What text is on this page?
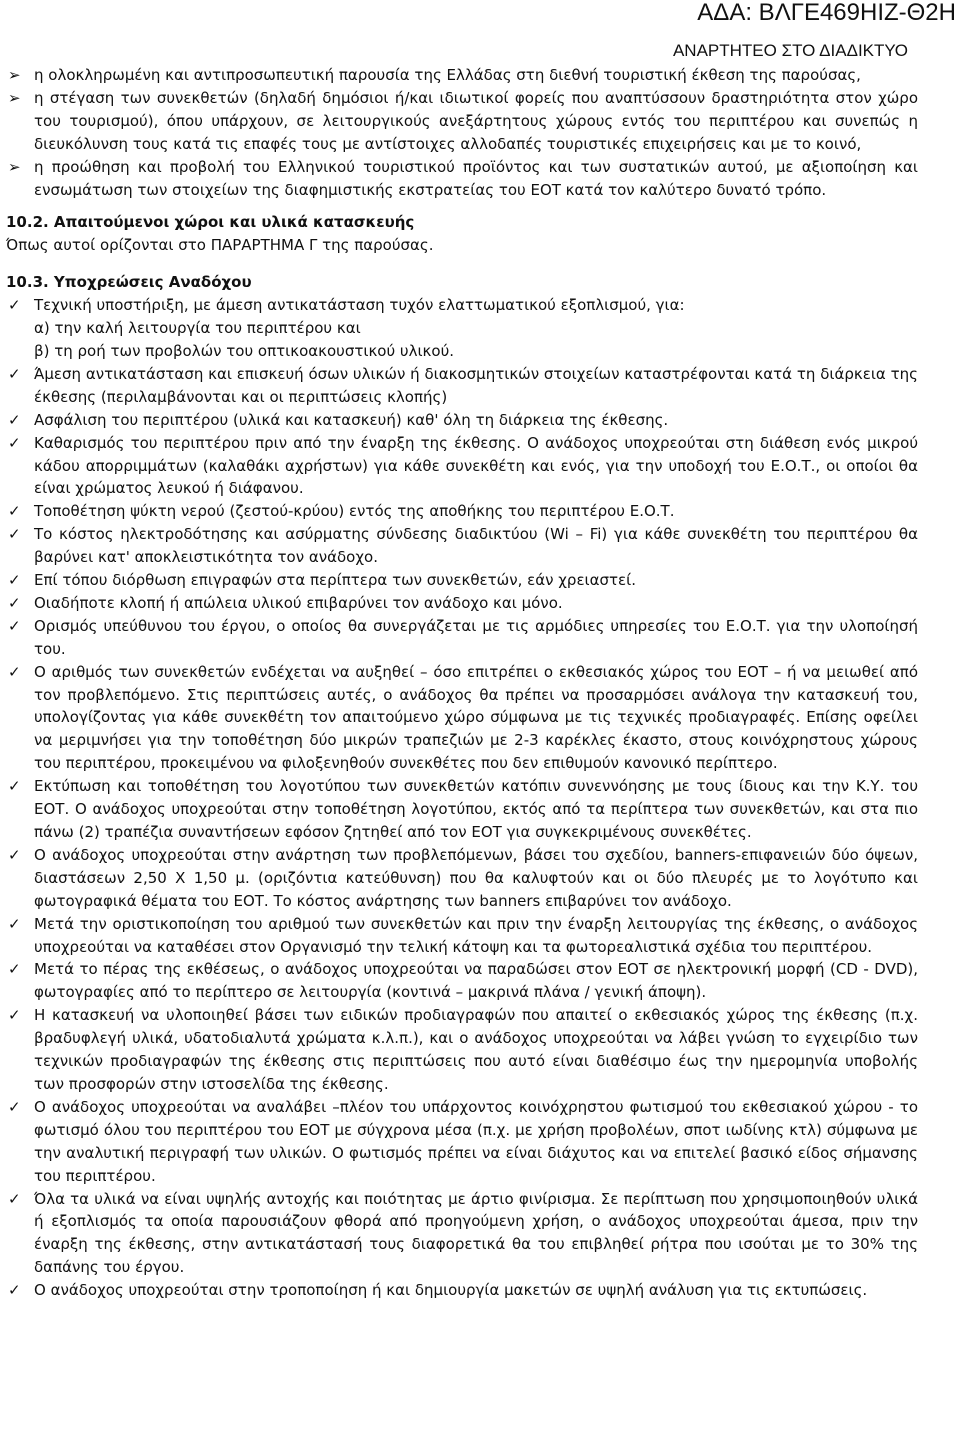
ΑΔΑ: ΒΛΓΕ469ΗΙΖ-Θ2Η
ΑΝΑΡΤΗΤΕΟ ΣΤΟ ΔΙΑΔΙΚΤΥΟ
➢ η ολοκληρωμένη και αντιπροσωπευτική παρουσία της Ελλάδας στη διεθνή τουριστική έκθεση της παρούσας,
➢ η στέγαση των συνεκθετών (δηλαδή δημόσιοι ή/και ιδιωτικοί φορείς που αναπτύσσουν δραστηριότητα στον χώρο του τουρισμού), όπου υπάρχουν, σε λειτουργικούς ανεξάρτητους χώρους εντός του περιπτέρου και συνεπώς η διευκόλυνση τους κατά τις επαφές τους με αντίστοιχες αλλοδαπές τουριστικές επιχειρήσεις και με το κοινό,
➢ η προώθηση και προβολή του Ελληνικού τουριστικού προϊόντος και των συστατικών αυτού, με αξιοποίηση και ενσωμάτωση των στοιχείων της διαφημιστικής εκστρατείας του ΕΟΤ κατά τον καλύτερο δυνατό τρόπο.
10.2. Απαιτούμενοι χώροι και υλικά κατασκευής
Όπως αυτοί ορίζονται στο ΠΑΡΑΡΤΗΜΑ Γ της παρούσας.
10.3. Υποχρεώσεις Αναδόχου
✓ Τεχνική υποστήριξη, με άμεση αντικατάσταση τυχόν ελαττωματικού εξοπλισμού, για:
α) την καλή λειτουργία του περιπτέρου και
β) τη ροή των προβολών του οπτικοακουστικού υλικού.
✓ Άμεση αντικατάσταση και επισκευή όσων υλικών ή διακοσμητικών στοιχείων καταστρέφονται κατά τη διάρκεια της έκθεσης (περιλαμβάνονται και οι περιπτώσεις κλοπής)
✓ Ασφάλιση του περιπτέρου (υλικά και κατασκευή) καθ' όλη τη διάρκεια της έκθεσης.
✓ Καθαρισμός του περιπτέρου πριν από την έναρξη της έκθεσης. Ο ανάδοχος υποχρεούται στη διάθεση ενός μικρού κάδου απορριμμάτων (καλαθάκι αχρήστων) για κάθε συνεκθέτη και ενός, για την υποδοχή του Ε.Ο.Τ., οι οποίοι θα είναι χρώματος λευκού ή διάφανου.
✓ Τοποθέτηση ψύκτη νερού (ζεστού-κρύου) εντός της αποθήκης του περιπτέρου Ε.Ο.Τ.
✓ Το κόστος ηλεκτροδότησης και ασύρματης σύνδεσης διαδικτύου (Wi – Fi) για κάθε συνεκθέτη του περιπτέρου θα βαρύνει κατ' αποκλειστικότητα τον ανάδοχο.
✓ Επί τόπου διόρθωση επιγραφών στα περίπτερα των συνεκθετών, εάν χρειαστεί.
✓ Οιαδήποτε κλοπή ή απώλεια υλικού επιβαρύνει τον ανάδοχο και μόνο.
✓ Ορισμός υπεύθυνου του έργου, ο οποίος θα συνεργάζεται με τις αρμόδιες υπηρεσίες του Ε.Ο.Τ. για την υλοποίησή του.
✓ Ο αριθμός των συνεκθετών ενδέχεται να αυξηθεί – όσο επιτρέπει ο εκθεσιακός χώρος του ΕΟΤ – ή να μειωθεί από τον προβλεπόμενο. Στις περιπτώσεις αυτές, ο ανάδοχος θα πρέπει να προσαρμόσει ανάλογα την κατασκευή του, υπολογίζοντας για κάθε συνεκθέτη τον απαιτούμενο χώρο σύμφωνα με τις τεχνικές προδιαγραφές. Επίσης οφείλει να μεριμνήσει για την τοποθέτηση δύο μικρών τραπεζιών με 2-3 καρέκλες έκαστο, στους κοινόχρηστους χώρους του περιπτέρου, προκειμένου να φιλοξενηθούν συνεκθέτες που δεν επιθυμούν κανονικό περίπτερο.
✓ Εκτύπωση και τοποθέτηση του λογοτύπου των συνεκθετών κατόπιν συνεννόησης με τους ίδιους και την Κ.Υ. του ΕΟΤ. Ο ανάδοχος υποχρεούται στην τοποθέτηση λογοτύπου, εκτός από τα περίπτερα των συνεκθετών, και στα πιο πάνω (2) τραπέζια συναντήσεων εφόσον ζητηθεί από τον ΕΟΤ για συγκεκριμένους συνεκθέτες.
✓ Ο ανάδοχος υποχρεούται στην ανάρτηση των προβλεπόμενων, βάσει του σχεδίου, banners-επιφανειών δύο όψεων, διαστάσεων 2,50 Χ 1,50 μ. (οριζόντια κατεύθυνση) που θα καλυφτούν και οι δύο πλευρές με το λογότυπο και φωτογραφικά θέματα του ΕΟΤ. Το κόστος ανάρτησης των banners επιβαρύνει τον ανάδοχο.
✓ Μετά την οριστικοποίηση του αριθμού των συνεκθετών και πριν την έναρξη λειτουργίας της έκθεσης, ο ανάδοχος υποχρεούται να καταθέσει στον Οργανισμό την τελική κάτοψη και τα φωτορεαλιστικά σχέδια του περιπτέρου.
✓ Μετά το πέρας της εκθέσεως, ο ανάδοχος υποχρεούται να παραδώσει στον ΕΟΤ σε ηλεκτρονική μορφή (CD - DVD), φωτογραφίες από το περίπτερο σε λειτουργία (κοντινά – μακρινά πλάνα / γενική άποψη).
✓ Η κατασκευή να υλοποιηθεί βάσει των ειδικών προδιαγραφών που απαιτεί ο εκθεσιακός χώρος της έκθεσης (π.χ. βραδυφλεγή υλικά, υδατοδιαλυτά χρώματα κ.λ.π.), και ο ανάδοχος υποχρεούται να λάβει γνώση το εγχειρίδιο των τεχνικών προδιαγραφών της έκθεσης στις περιπτώσεις που αυτό είναι διαθέσιμο έως την ημερομηνία υποβολής των προσφορών στην ιστοσελίδα της έκθεσης.
✓ Ο ανάδοχος υποχρεούται να αναλάβει –πλέον του υπάρχοντος κοινόχρηστου φωτισμού του εκθεσιακού χώρου - το φωτισμό όλου του περιπτέρου του ΕΟΤ με σύγχρονα μέσα (π.χ. με χρήση προβολέων, σποτ ιωδίνης κτλ) σύμφωνα με την αναλυτική περιγραφή των υλικών. Ο φωτισμός πρέπει να είναι διάχυτος και να επιτελεί βασικό είδος σήμανσης του περιπτέρου.
✓ Όλα τα υλικά να είναι υψηλής αντοχής και ποιότητας με άρτιο φινίρισμα. Σε περίπτωση που χρησιμοποιηθούν υλικά ή εξοπλισμός τα οποία παρουσιάζουν φθορά από προηγούμενη χρήση, ο ανάδοχος υποχρεούται άμεσα, πριν την έναρξη της έκθεσης, στην αντικατάστασή τους διαφορετικά θα του επιβληθεί ρήτρα που ισούται με το 30% της δαπάνης του έργου.
✓ Ο ανάδοχος υποχρεούται στην τροποποίηση ή και δημιουργία μακετών σε υψηλή ανάλυση για τις εκτυπώσεις.
